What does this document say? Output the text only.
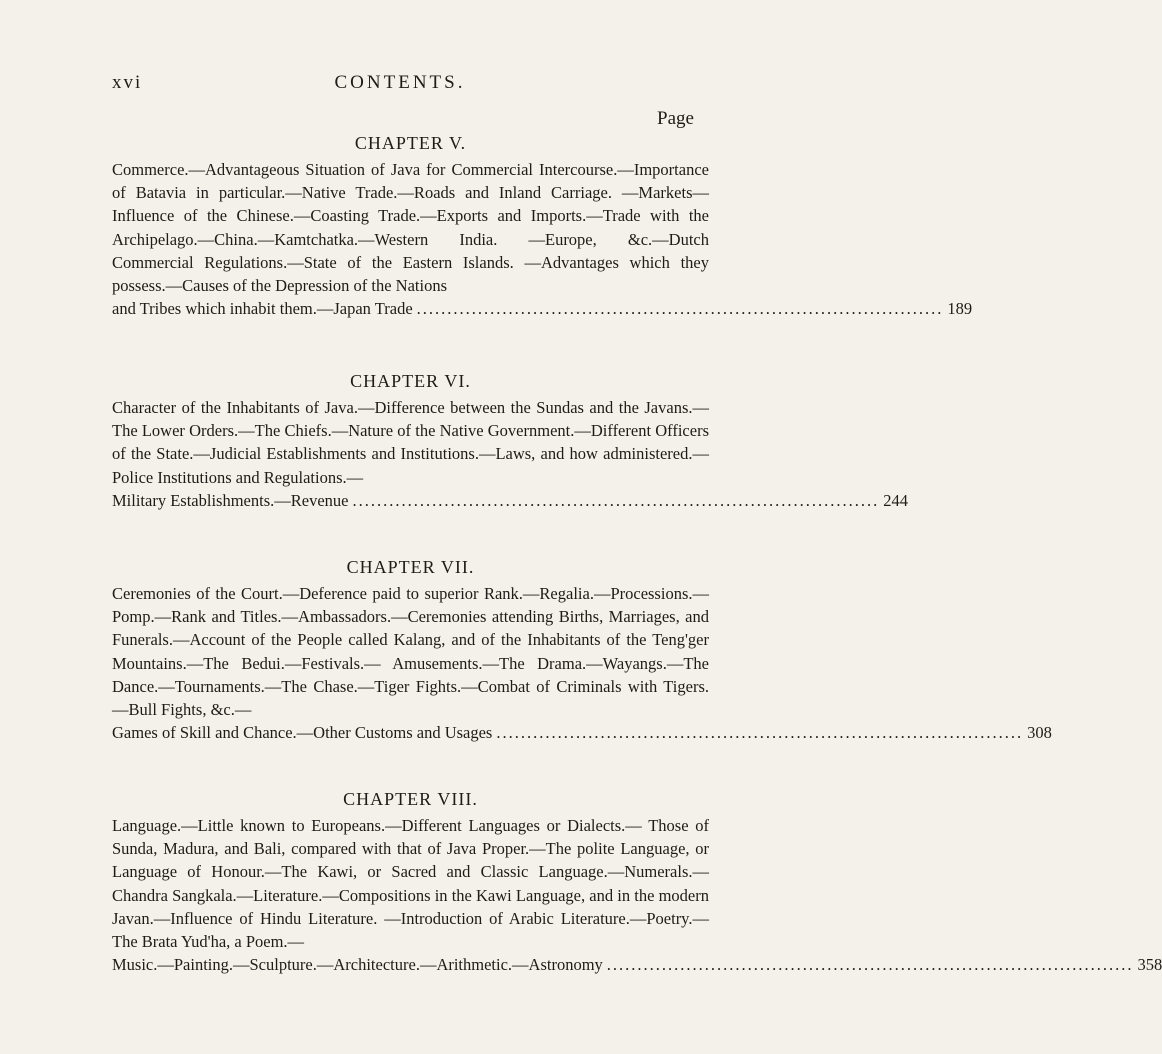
xvi	CONTENTS.
Page
CHAPTER V.
Commerce.—Advantageous Situation of Java for Commercial Intercourse.—Importance of Batavia in particular.—Native Trade.—Roads and Inland Carriage. —Markets—Influence of the Chinese.—Coasting Trade.—Exports and Imports.—Trade with the Archipelago.—China.—Kamtchatka.—Western India. —Europe, &c.—Dutch Commercial Regulations.—State of the Eastern Islands. —Advantages which they possess.—Causes of the Depression of the Nations
and Tribes which inhabit them.—Japan Trade ...................................................................................... 189
CHAPTER VI.
Character of the Inhabitants of Java.—Difference between the Sundas and the Javans.—The Lower Orders.—The Chiefs.—Nature of the Native Government.—Different Officers of the State.—Judicial Establishments and Institutions.—Laws, and how administered.—Police Institutions and Regulations.—
Military Establishments.—Revenue ...................................................................................... 244
CHAPTER VII.
Ceremonies of the Court.—Deference paid to superior Rank.—Regalia.—Processions.—Pomp.—Rank and Titles.—Ambassadors.—Ceremonies attending Births, Marriages, and Funerals.—Account of the People called Kalang, and of the Inhabitants of the Teng'ger Mountains.—The Bedui.—Festivals.— Amusements.—The Drama.—Wayangs.—The Dance.—Tournaments.—The Chase.—Tiger Fights.—Combat of Criminals with Tigers.—Bull Fights, &c.—
Games of Skill and Chance.—Other Customs and Usages ...................................................................................... 308
CHAPTER VIII.
Language.—Little known to Europeans.—Different Languages or Dialects.— Those of Sunda, Madura, and Bali, compared with that of Java Proper.—The polite Language, or Language of Honour.—The Kawi, or Sacred and Classic Language.—Numerals.—Chandra Sangkala.—Literature.—Compositions in the Kawi Language, and in the modern Javan.—Influence of Hindu Literature. —Introduction of Arabic Literature.—Poetry.—The Brata Yud'ha, a Poem.—
Music.—Painting.—Sculpture.—Architecture.—Arithmetic.—Astronomy ...................................................................................... 358
